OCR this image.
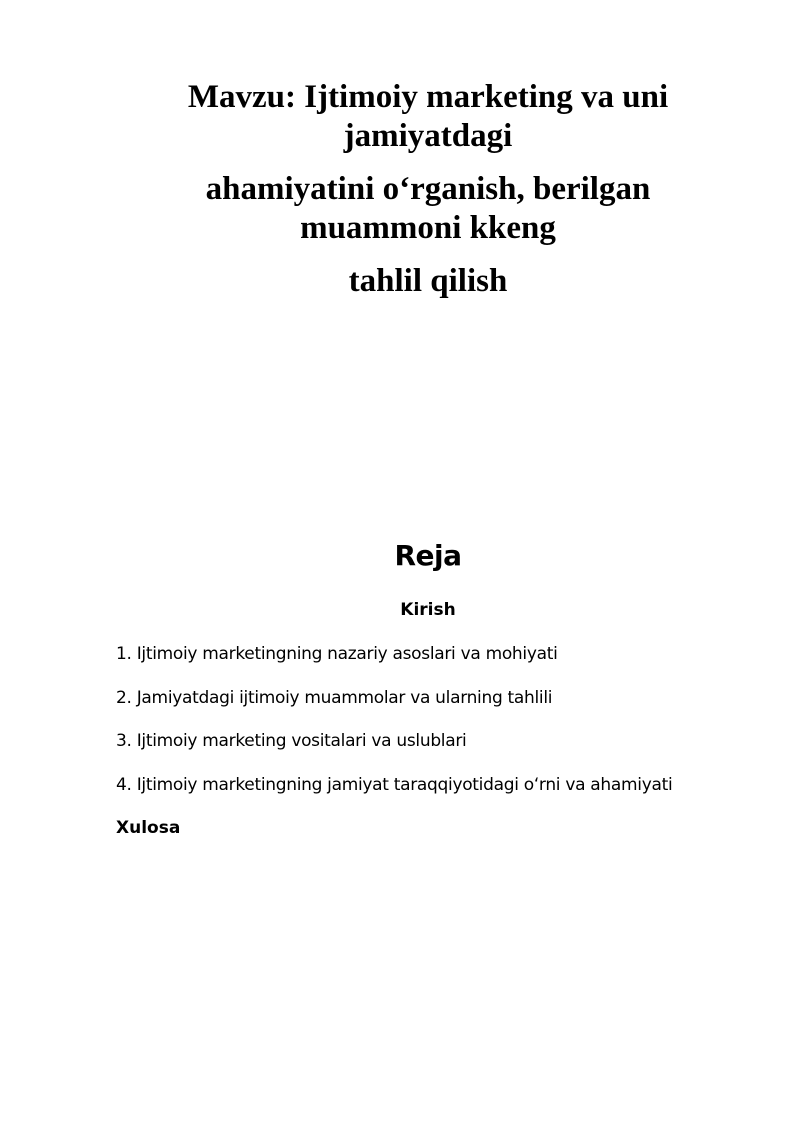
Mavzu: Ijtimoiy marketing va uni
jamiyatdagi
ahamiyatini o‘rganish, berilgan
muammoni kkeng
tahlil qilish
Reja
Kirish
1. Ijtimoiy marketingning nazariy asoslari va mohiyati
2. Jamiyatdagi ijtimoiy muammolar va ularning tahlili
3. Ijtimoiy marketing vositalari va uslublari
4. Ijtimoiy marketingning jamiyat taraqqiyotidagi oʻrni va ahamiyati
Xulosa
